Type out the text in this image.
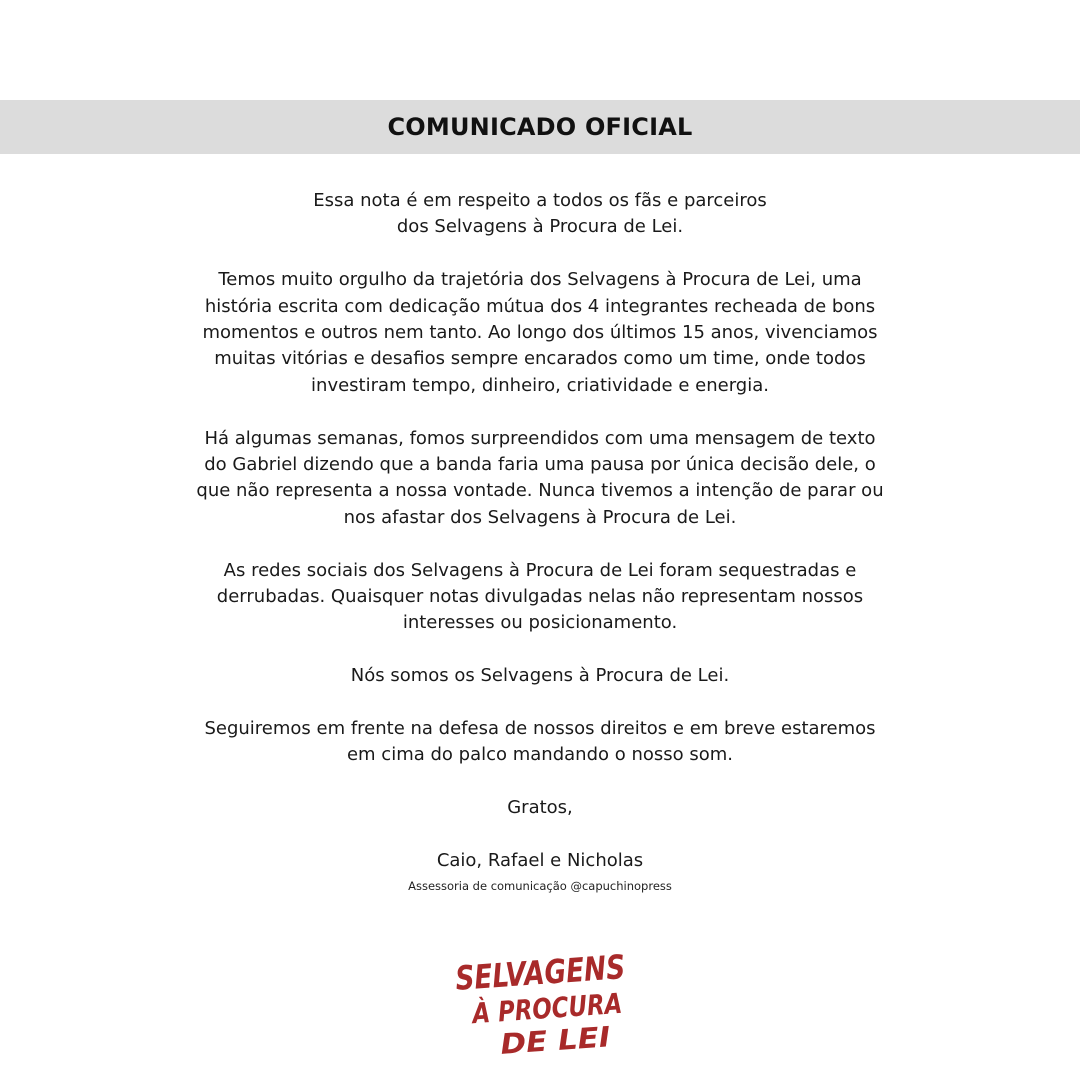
COMUNICADO OFICIAL

Essa nota é em respeito a todos os fãs e parceiros
dos Selvagens à Procura de Lei.

Temos muito orgulho da trajetória dos Selvagens à Procura de Lei, uma
história escrita com dedicação mútua dos 4 integrantes recheada de bons
momentos e outros nem tanto. Ao longo dos últimos 15 anos, vivenciamos
muitas vitórias e desafios sempre encarados como um time, onde todos
investiram tempo, dinheiro, criatividade e energia.

Há algumas semanas, fomos surpreendidos com uma mensagem de texto
do Gabriel dizendo que a banda faria uma pausa por única decisão dele, o
que não representa a nossa vontade. Nunca tivemos a intenção de parar ou
nos afastar dos Selvagens à Procura de Lei.

As redes sociais dos Selvagens à Procura de Lei foram sequestradas e
derrubadas. Quaisquer notas divulgadas nelas não representam nossos
interesses ou posicionamento.

Nós somos os Selvagens à Procura de Lei.

Seguiremos em frente na defesa de nossos direitos e em breve estaremos
em cima do palco mandando o nosso som.

Gratos,

Caio, Rafael e Nicholas
Assessoria de comunicação @capuchinopress

SELVAGENS
À PROCURA
DE LEI
